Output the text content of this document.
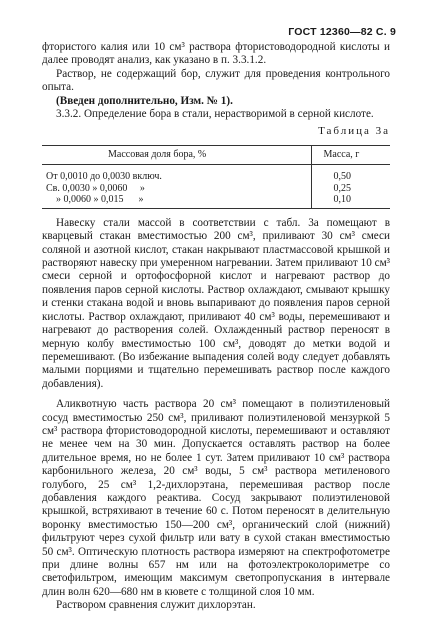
ГОСТ 12360—82 С. 9

фтористого калия или 10 см³ раствора фтористоводородной кислоты и далее проводят анализ, как указано в п. 3.3.1.2.

Раствор, не содержащий бор, служит для проведения контрольного опыта.

(Введен дополнительно, Изм. № 1).

3.3.2. Определение бора в стали, нерастворимой в серной кислоте.

Таблица 3а
Массовая доля бора, %	Масса, г
От 0,0010 до 0,0030 включ.	0,50
Св. 0,0030 » 0,0060     »	0,25
» 0,0060 » 0,015      »	0,10

Навеску стали массой в соответствии с табл. 3а помещают в кварцевый стакан вместимостью 200 см³, приливают 30 см³ смеси соляной и азотной кислот, стакан накрывают пластмассовой крышкой и растворяют навеску при умеренном нагревании. Затем приливают 10 см³ смеси серной и ортофосфорной кислот и нагревают раствор до появления паров серной кислоты. Раствор охлаждают, смывают крышку и стенки стакана водой и вновь выпаривают до появления паров серной кислоты. Раствор охлаждают, приливают 40 см³ воды, перемешивают и нагревают до растворения солей. Охлажденный раствор переносят в мерную колбу вместимостью 100 см³, доводят до метки водой и перемешивают. (Во избежание выпадения солей воду следует добавлять малыми порциями и тщательно перемешивать раствор после каждого добавления).

Аликвотную часть раствора 20 см³ помещают в полиэтиленовый сосуд вместимостью 250 см³, приливают полиэтиленовой мензуркой 5 см³ раствора фтористоводородной кислоты, перемешивают и оставляют не менее чем на 30 мин. Допускается оставлять раствор на более длительное время, но не более 1 сут. Затем приливают 10 см³ раствора карбонильного железа, 20 см³ воды, 5 см³ раствора метиленового голубого, 25 см³ 1,2-дихлорэтана, перемешивая раствор после добавления каждого реактива. Сосуд закрывают полиэтиленовой крышкой, встряхивают в течение 60 с. Потом переносят в делительную воронку вместимостью 150—200 см³, органический слой (нижний) фильтруют через сухой фильтр или вату в сухой стакан вместимостью 50 см³. Оптическую плотность раствора измеряют на спектрофотометре при длине волны 657 нм или на фотоэлектроколориметре со светофильтром, имеющим максимум светопропускания в интервале длин волн 620—680 нм в кювете с толщиной слоя 10 мм.

Раствором сравнения служит дихлорэтан.
